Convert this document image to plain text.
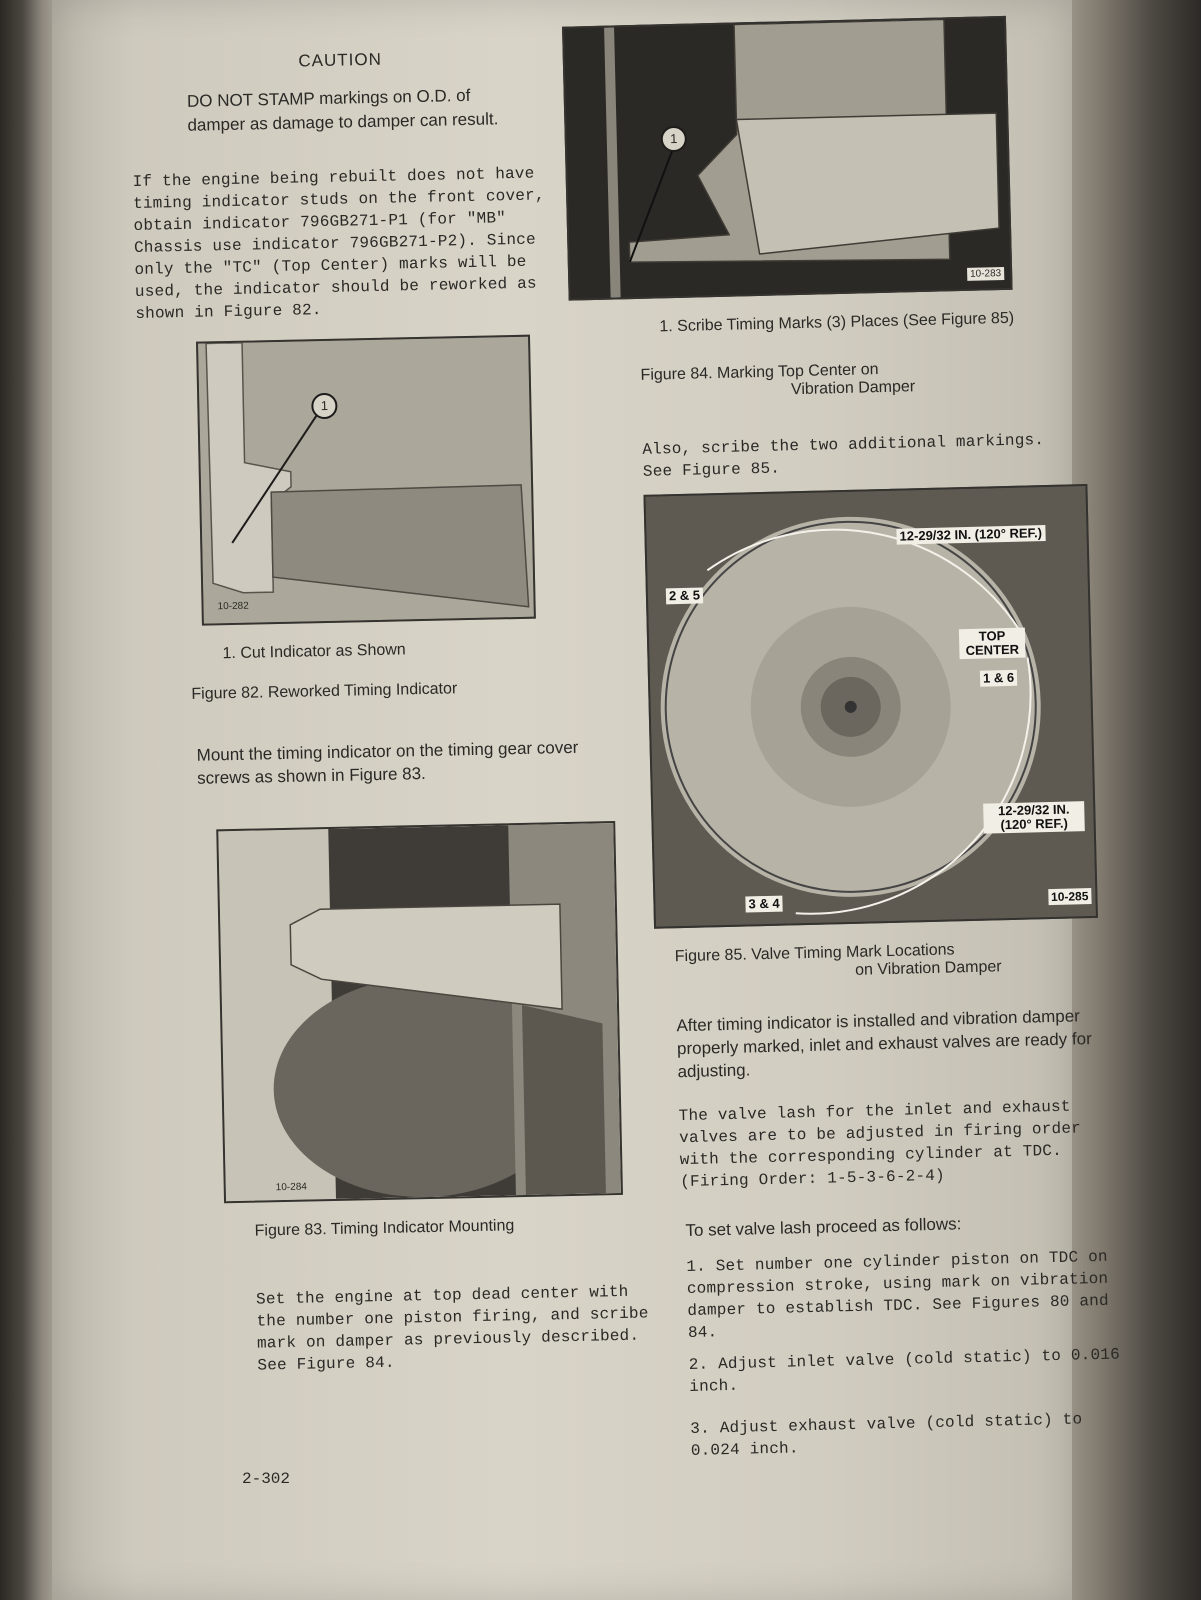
CAUTION
DO NOT STAMP markings on O.D. of damper as damage to damper can result.
If the engine being rebuilt does not have timing indicator studs on the front cover, obtain indicator 796GB271-P1 (for "MB" Chassis use indicator 796GB271-P2). Since only the "TC" (Top Center) marks will be used, the indicator should be reworked as shown in Figure 82.
1
10-282
1. Cut Indicator as Shown
Figure 82. Reworked Timing Indicator
Mount the timing indicator on the timing gear cover screws as shown in Figure 83.
10-284
Figure 83. Timing Indicator Mounting
Set the engine at top dead center with the number one piston firing, and scribe mark on damper as previously described. See Figure 84.
1
10-283
1. Scribe Timing Marks (3) Places (See Figure 85)
Figure 84. Marking Top Center on
Vibration Damper
Also, scribe the two additional markings. See Figure 85.
12-29/32 IN. (120° REF.)
2 & 5
TOP CENTER
1 & 6
12-29/32 IN. (120° REF.)
3 & 4	10-285
Figure 85. Valve Timing Mark Locations
on Vibration Damper
After timing indicator is installed and vibration damper properly marked, inlet and exhaust valves are ready for adjusting.
The valve lash for the inlet and exhaust valves are to be adjusted in firing order with the corresponding cylinder at TDC. (Firing Order: 1-5-3-6-2-4)
To set valve lash proceed as follows:
1. Set number one cylinder piston on TDC on compression stroke, using mark on vibration damper to establish TDC. See Figures 80 and 84.
2. Adjust inlet valve (cold static) to 0.016 inch.
3. Adjust exhaust valve (cold static) to 0.024 inch.
2-302
